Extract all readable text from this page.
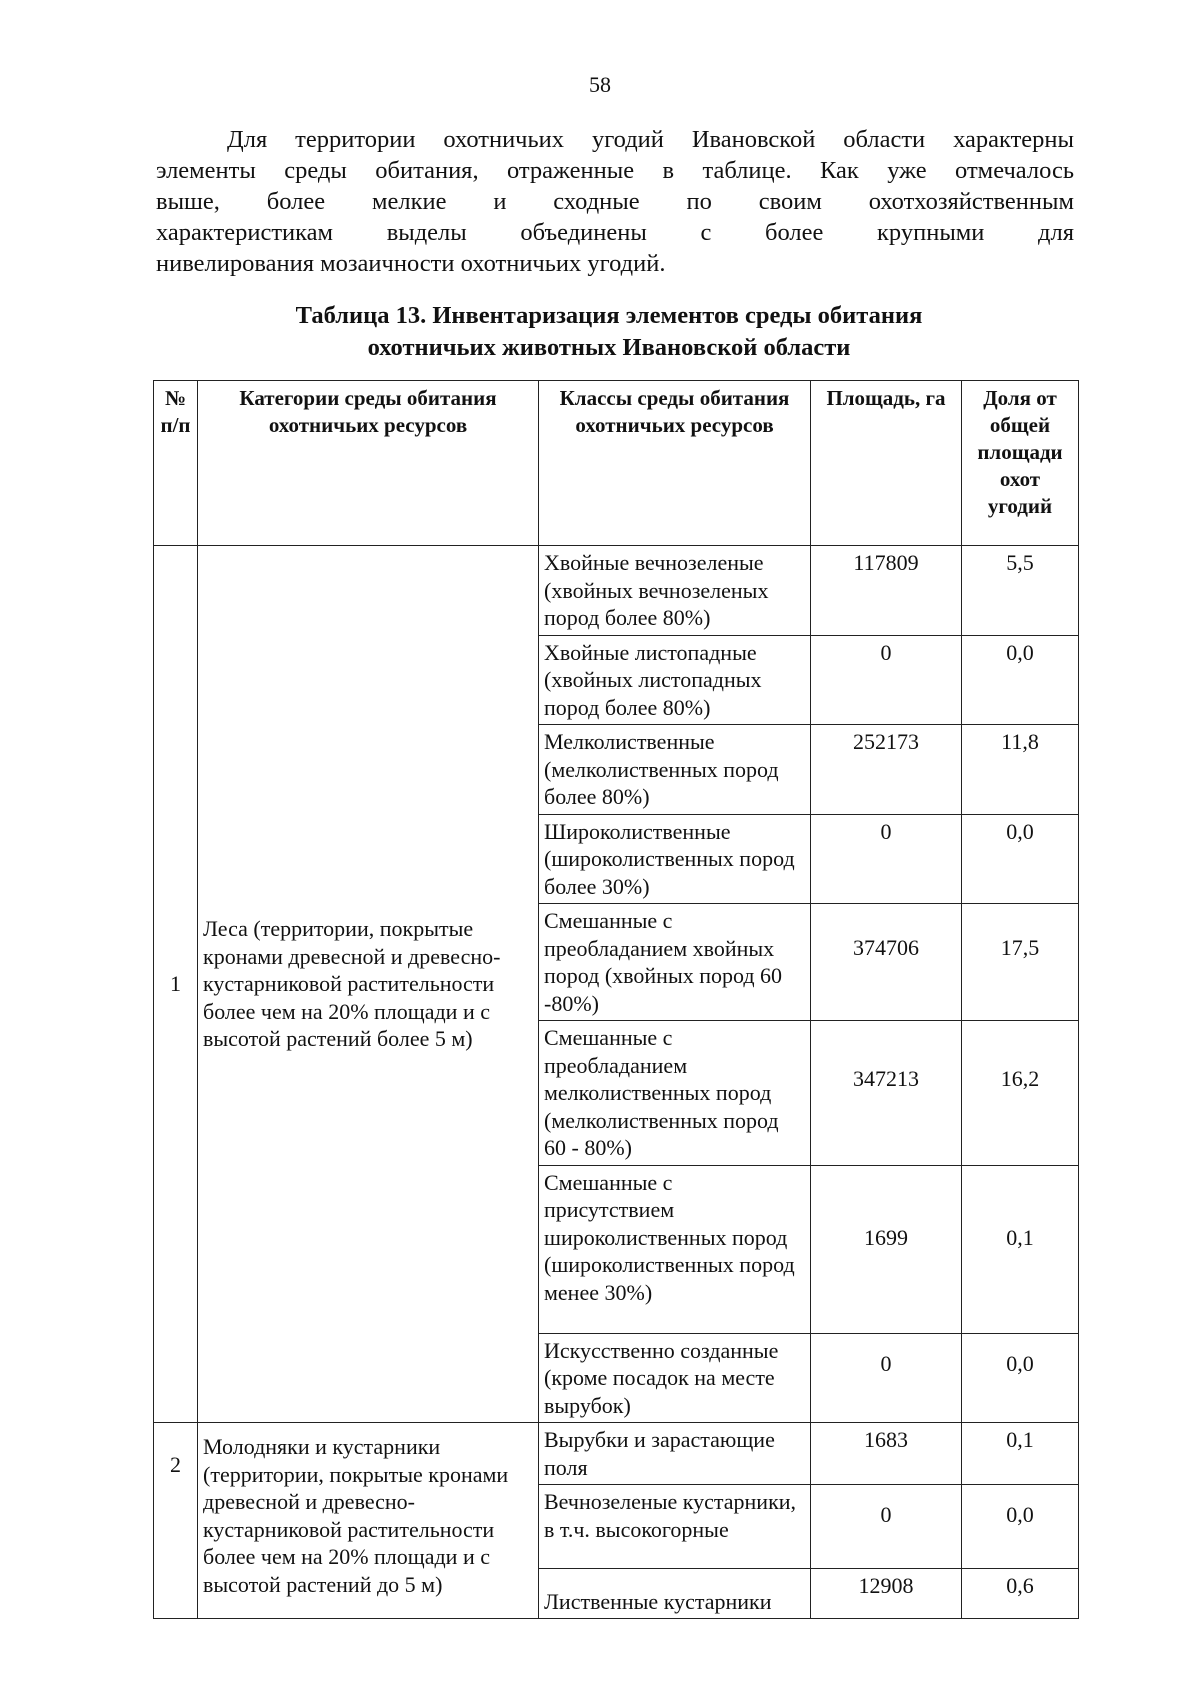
58
Для территории охотничьих угодий Ивановской области характерны
элементы среды обитания, отраженные в таблице. Как уже отмечалось
выше, более мелкие и сходные по своим охотхозяйственным
характеристикам выделы объединены с более крупными для
нивелирования мозаичности охотничьих угодий.
Таблица 13. Инвентаризация элементов среды обитания
охотничьих животных Ивановской области
№ п/п	Категории среды обитания охотничьих ресурсов	Классы среды обитания охотничьих ресурсов	Площадь, га	Доля от общей площади охот угодий
1	Леса (территории, покрытые кронами древесной и древесно-кустарниковой растительности более чем на 20% площади и с высотой растений более 5 м)	Хвойные вечнозеленые (хвойных вечнозеленых пород более 80%)	117809	5,5
		Хвойные листопадные (хвойных листопадных пород более 80%)	0	0,0
		Мелколиственные (мелколиственных пород более 80%)	252173	11,8
		Широколиственные (широколиственных пород более 30%)	0	0,0
		Смешанные с преобладанием хвойных пород (хвойных пород 60 -80%)	374706	17,5
		Смешанные с преобладанием мелколиственных пород (мелколиственных пород 60 - 80%)	347213	16,2
		Смешанные с присутствием широколиственных пород (широколиственных пород менее 30%)	1699	0,1
		Искусственно созданные (кроме посадок на месте вырубок)	0	0,0
2	Молодняки и кустарники (территории, покрытые кронами древесной и древесно-кустарниковой растительности более чем на 20% площади и с высотой растений до 5 м)	Вырубки и зарастающие поля	1683	0,1
		Вечнозеленые кустарники, в т.ч. высокогорные	0	0,0
		Лиственные кустарники	12908	0,6
